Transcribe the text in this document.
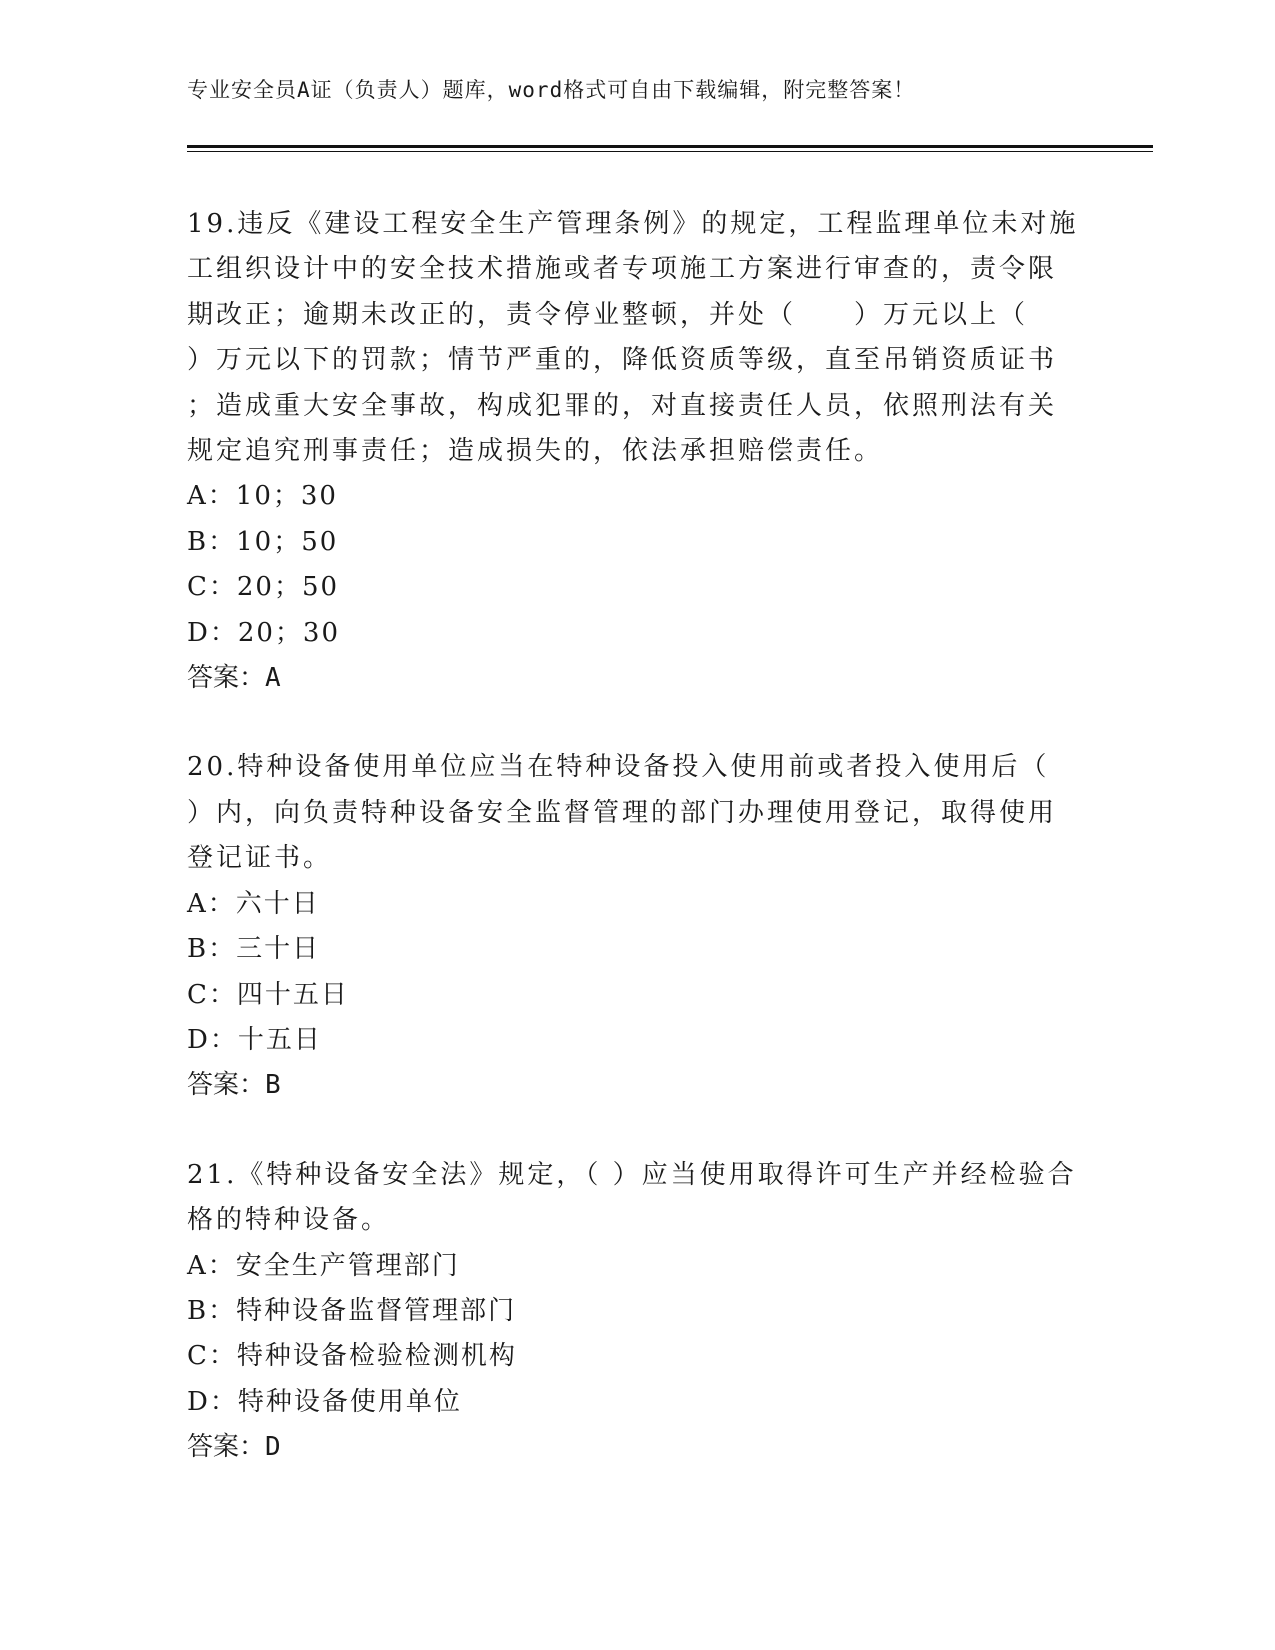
专业安全员A证（负责人）题库，word格式可自由下载编辑，附完整答案！
19.违反《建设工程安全生产管理条例》的规定，工程监理单位未对施
工组织设计中的安全技术措施或者专项施工方案进行审查的，责令限
期改正；逾期未改正的，责令停业整顿，并处（　　）万元以上（
）万元以下的罚款；情节严重的，降低资质等级，直至吊销资质证书
；造成重大安全事故，构成犯罪的，对直接责任人员，依照刑法有关
规定追究刑事责任；造成损失的，依法承担赔偿责任。
A：10；30
B：10；50
C：20；50
D：20；30
答案：A
20.特种设备使用单位应当在特种设备投入使用前或者投入使用后（
）内，向负责特种设备安全监督管理的部门办理使用登记，取得使用
登记证书。
A：六十日
B：三十日
C：四十五日
D：十五日
答案：B
21.《特种设备安全法》规定，（ ）应当使用取得许可生产并经检验合
格的特种设备。
A：安全生产管理部门
B：特种设备监督管理部门
C：特种设备检验检测机构
D：特种设备使用单位
答案：D
